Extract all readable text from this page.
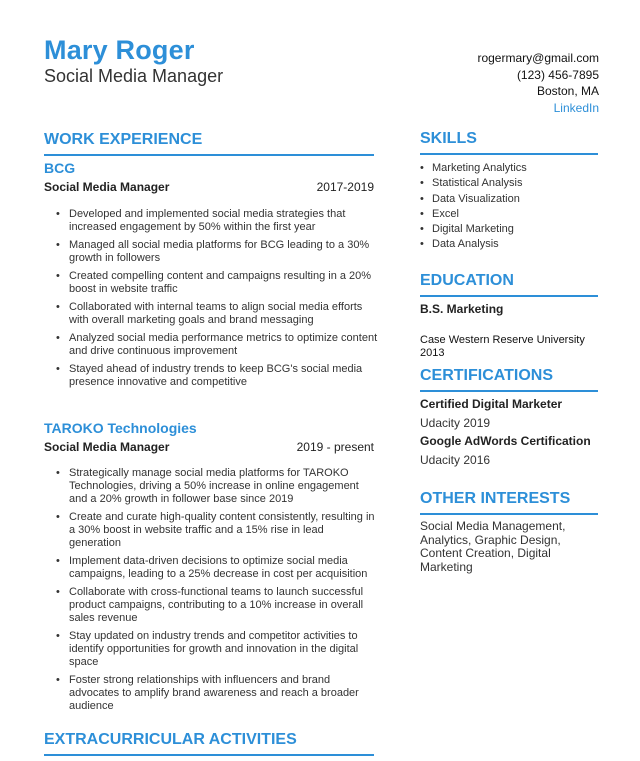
Mary Roger
Social Media Manager
rogermary@gmail.com
(123) 456-7895
Boston, MA
LinkedIn
WORK EXPERIENCE
BCG
Social Media Manager	2017-2019
• Developed and implemented social media strategies that increased engagement by 50% within the first year
• Managed all social media platforms for BCG leading to a 30% growth in followers
• Created compelling content and campaigns resulting in a 20% boost in website traffic
• Collaborated with internal teams to align social media efforts with overall marketing goals and brand messaging
• Analyzed social media performance metrics to optimize content and drive continuous improvement
• Stayed ahead of industry trends to keep BCG's social media presence innovative and competitive
TAROKO Technologies
Social Media Manager	2019 - present
• Strategically manage social media platforms for TAROKO Technologies, driving a 50% increase in online engagement and a 20% growth in follower base since 2019
• Create and curate high-quality content consistently, resulting in a 30% boost in website traffic and a 15% rise in lead generation
• Implement data-driven decisions to optimize social media campaigns, leading to a 25% decrease in cost per acquisition
• Collaborate with cross-functional teams to launch successful product campaigns, contributing to a 10% increase in overall sales revenue
• Stay updated on industry trends and competitor activities to identify opportunities for growth and innovation in the digital space
• Foster strong relationships with influencers and brand advocates to amplify brand awareness and reach a broader audience
EXTRACURRICULAR ACTIVITIES
SKILLS
• Marketing Analytics
• Statistical Analysis
• Data Visualization
• Excel
• Digital Marketing
• Data Analysis
EDUCATION
B.S. Marketing
Case Western Reserve University
2013
CERTIFICATIONS
Certified Digital Marketer
Udacity 2019
Google AdWords Certification
Udacity 2016
OTHER INTERESTS
Social Media Management, Analytics, Graphic Design, Content Creation, Digital Marketing
